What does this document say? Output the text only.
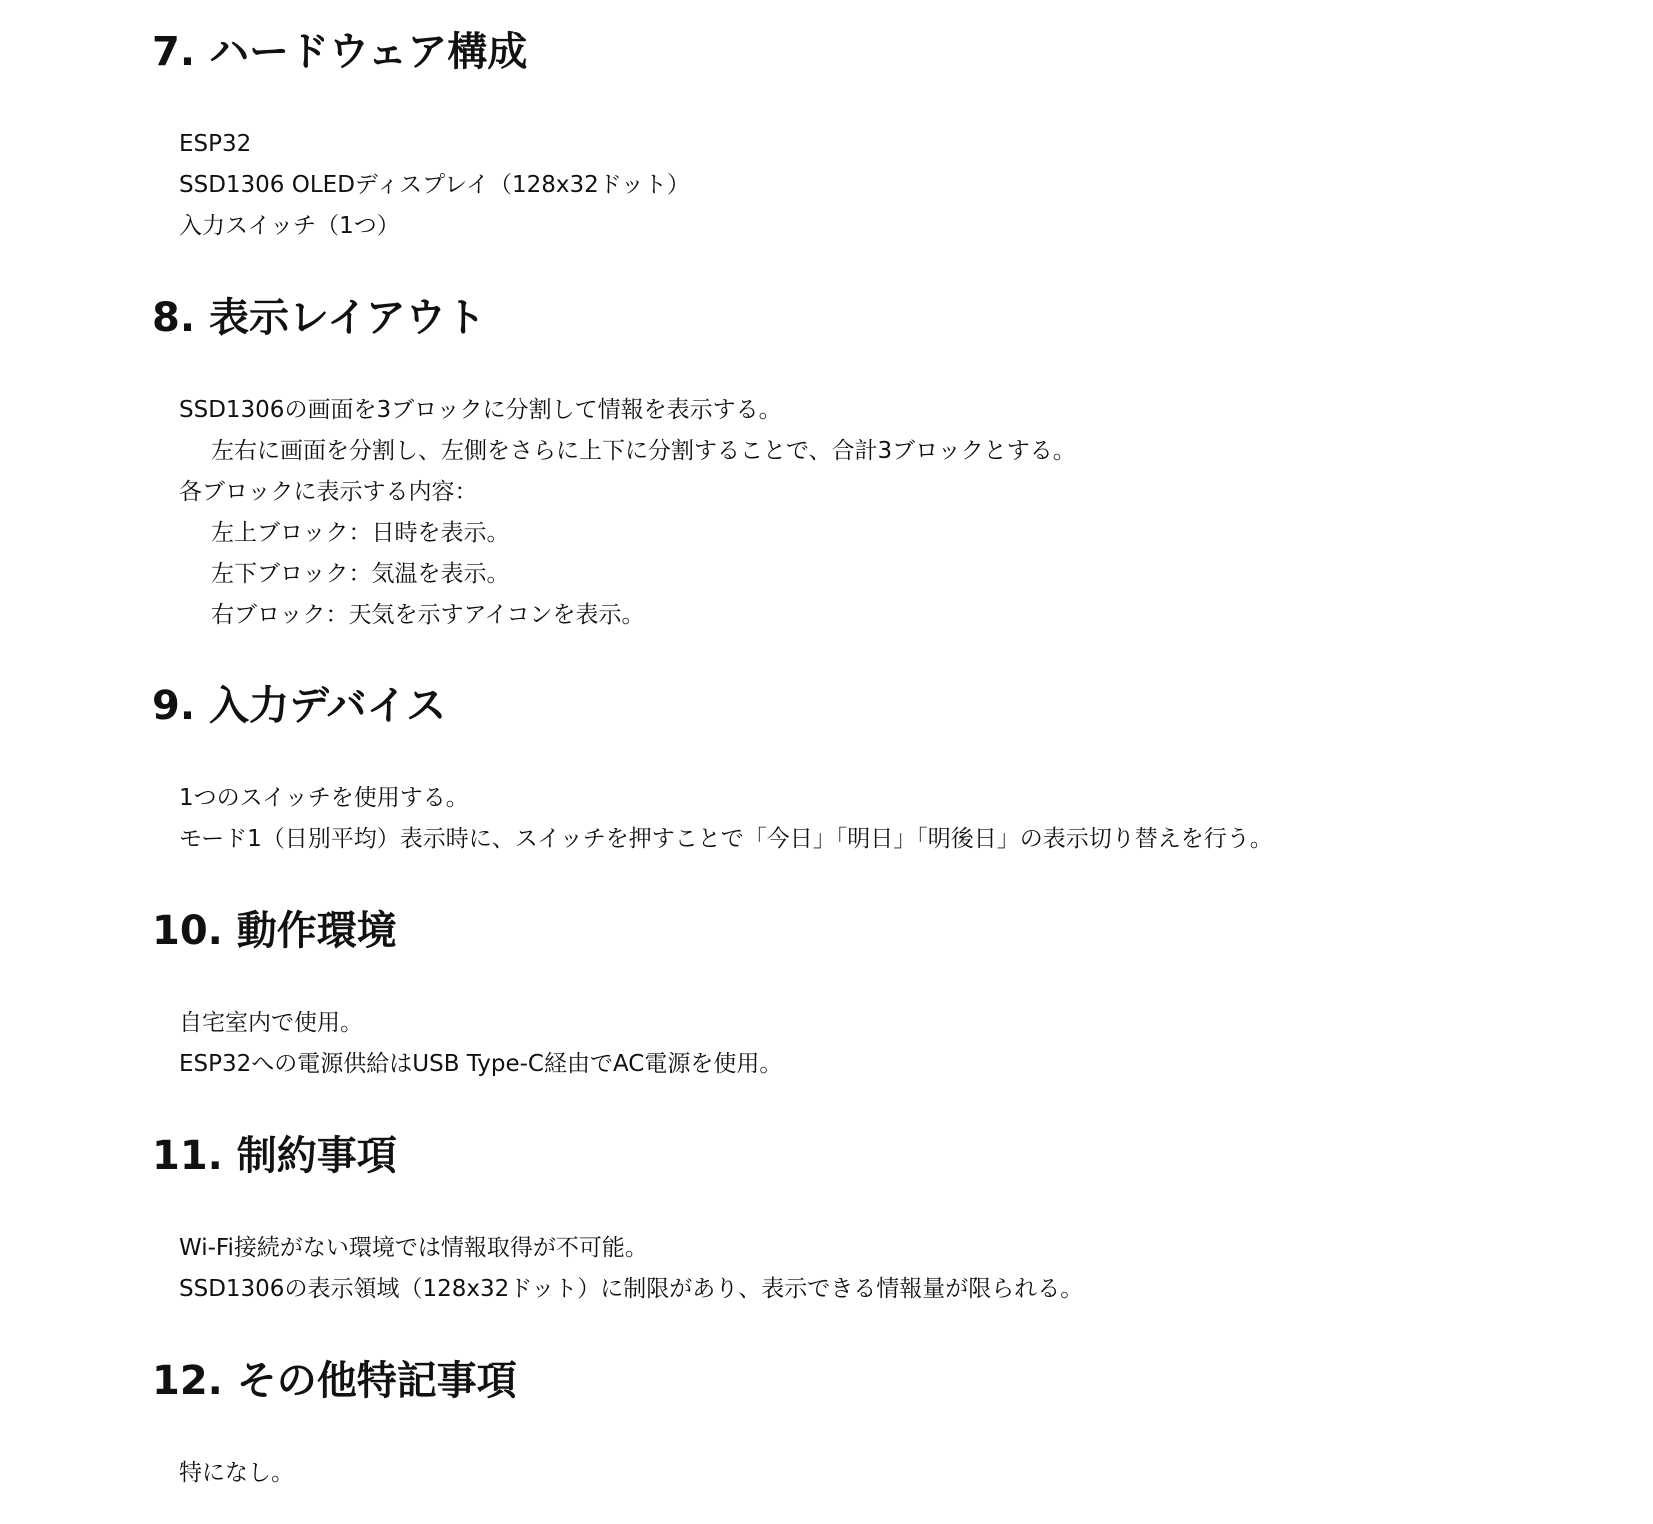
7. ハードウェア構成
ESP32
SSD1306 OLEDディスプレイ（128x32ドット）
入力スイッチ（1つ）
8. 表示レイアウト
SSD1306の画面を3ブロックに分割して情報を表示する。
左右に画面を分割し、左側をさらに上下に分割することで、合計3ブロックとする。
各ブロックに表示する内容：
左上ブロック：日時を表示。
左下ブロック：気温を表示。
右ブロック：天気を示すアイコンを表示。
9. 入力デバイス
1つのスイッチを使用する。
モード1（日別平均）表示時に、スイッチを押すことで「今日」「明日」「明後日」の表示切り替えを行う。
10. 動作環境
自宅室内で使用。
ESP32への電源供給はUSB Type-C経由でAC電源を使用。
11. 制約事項
Wi-Fi接続がない環境では情報取得が不可能。
SSD1306の表示領域（128x32ドット）に制限があり、表示できる情報量が限られる。
12. その他特記事項
特になし。
